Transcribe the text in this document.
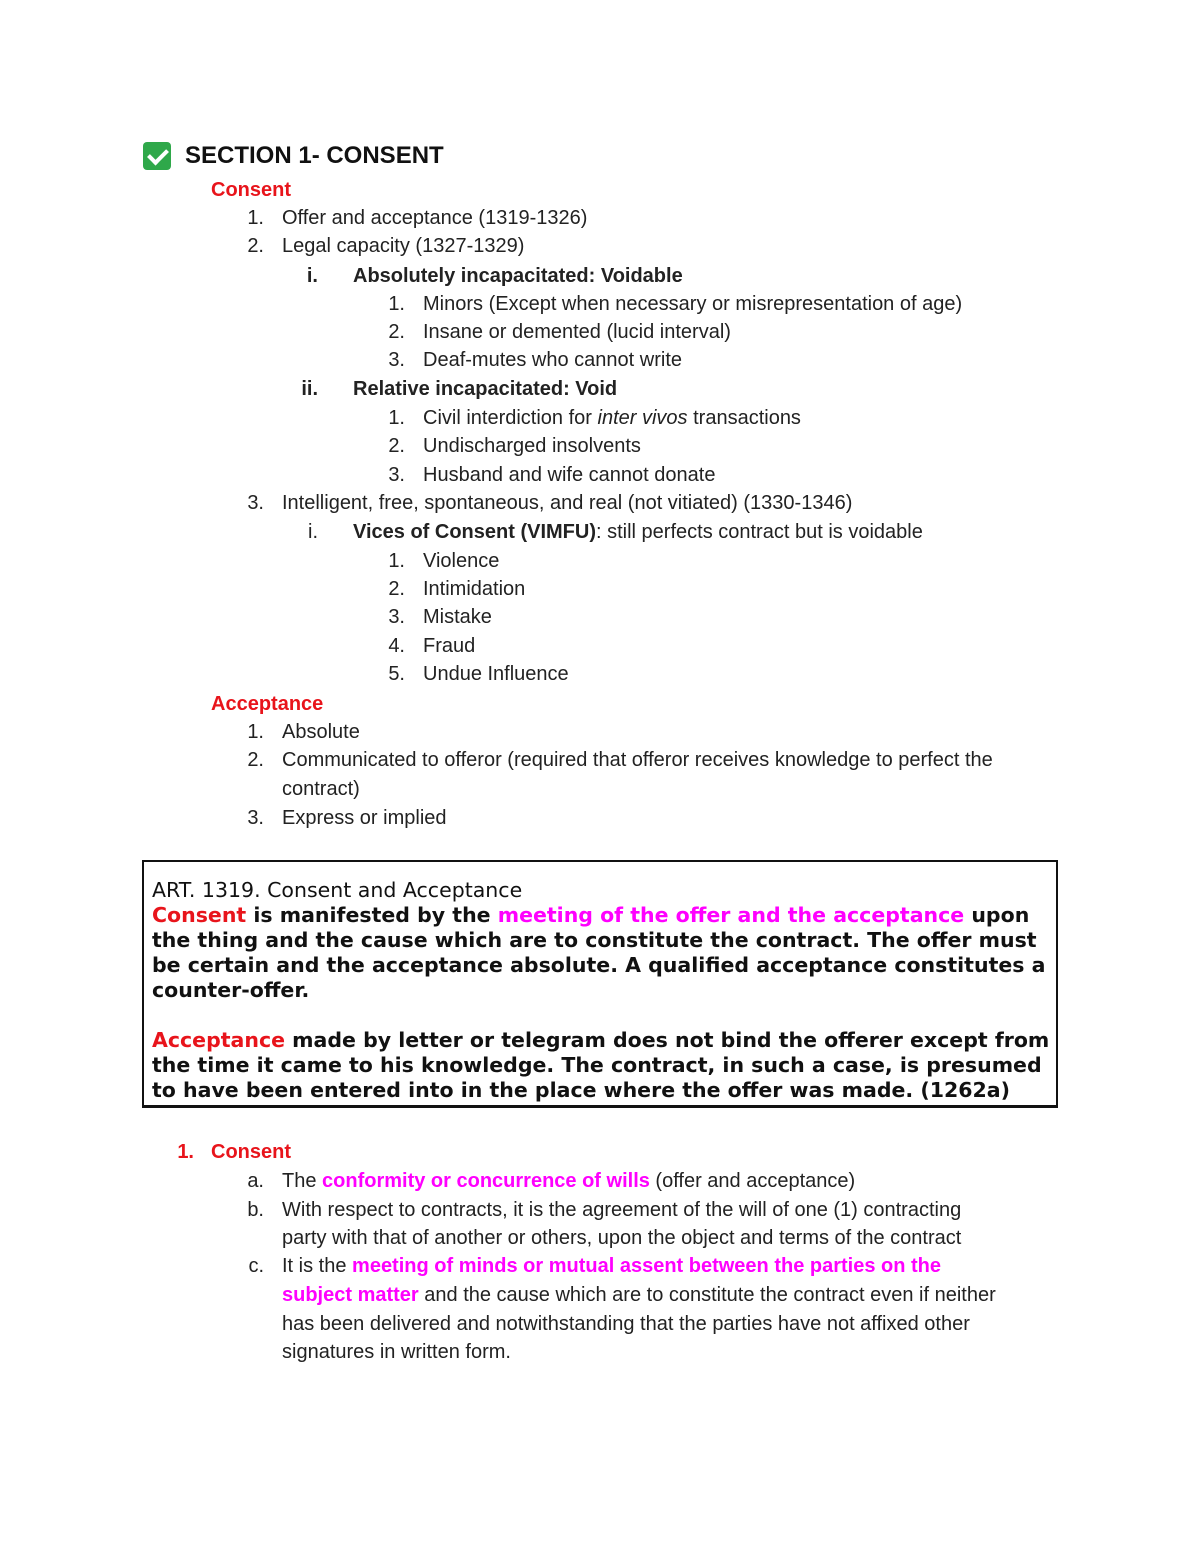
SECTION 1- CONSENT
Consent
1. Offer and acceptance (1319-1326)
2. Legal capacity (1327-1329)
i. Absolutely incapacitated: Voidable
1. Minors (Except when necessary or misrepresentation of age)
2. Insane or demented (lucid interval)
3. Deaf-mutes who cannot write
ii. Relative incapacitated: Void
1. Civil interdiction for inter vivos transactions
2. Undischarged insolvents
3. Husband and wife cannot donate
3. Intelligent, free, spontaneous, and real (not vitiated) (1330-1346)
i. Vices of Consent (VIMFU): still perfects contract but is voidable
1. Violence
2. Intimidation
3. Mistake
4. Fraud
5. Undue Influence
Acceptance
1. Absolute
2. Communicated to offeror (required that offeror receives knowledge to perfect the
contract)
3. Express or implied

ART. 1319. Consent and Acceptance

Consent is manifested by the meeting of the offer and the acceptance upon the thing and the cause which are to constitute the contract. The offer must be certain and the acceptance absolute. A qualified acceptance constitutes a counter-offer.

Acceptance made by letter or telegram does not bind the offerer except from the time it came to his knowledge. The contract, in such a case, is presumed to have been entered into in the place where the offer was made. (1262a)

1. Consent
a. The conformity or concurrence of wills (offer and acceptance)
b. With respect to contracts, it is the agreement of the will of one (1) contracting
party with that of another or others, upon the object and terms of the contract
c. It is the meeting of minds or mutual assent between the parties on the
subject matter and the cause which are to constitute the contract even if neither
has been delivered and notwithstanding that the parties have not affixed other
signatures in written form.
